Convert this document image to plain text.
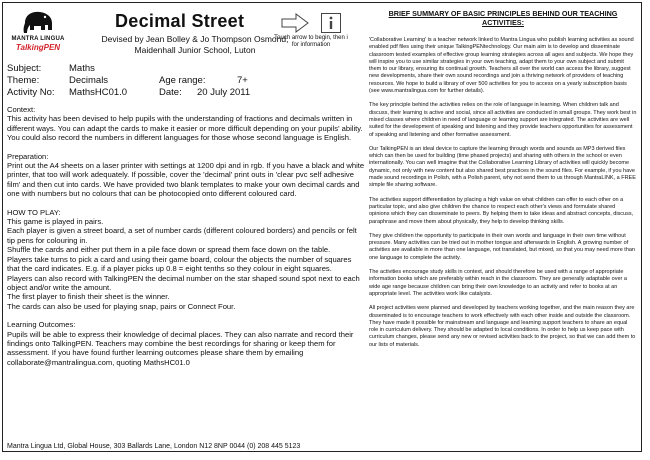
MANTRA LINGUA
TalkingPEN
Decimal Street
Devised by Jean Bolley & Jo Thompson Osmond,
Maidenhall Junior School, Luton
Touch arrow to begin, then i for information
Subject:	Maths
Theme:	Decimals	Age range:	7+
Activity No: MathsHC01.0	Date: 20 July 2011
Context:

This activity has been devised to help pupils with the understanding of fractions and decimals written in different ways. You can adapt the cards to make it easier or more difficult depending on your pupils' ability. You could also record the numbers in different languages for those whose second language is English.

Preparation:

Print out the A4 sheets on a laser printer with settings at 1200 dpi and in rgb. If you have a black and white printer, that too will work adequately. If possible, cover the 'decimal' print outs in 'clear pvc self adhesive film' and then cut into cards. We have provided two blank templates to make your own decimal cards and one with numbers but no colours that can be photocopied onto different coloured card.

HOW TO PLAY:

This game is played in pairs.

Each player is given a street board, a set of number cards (different coloured borders) and pencils or felt tip pens for colouring in.

Shuffle the cards and either put them in a pile face down or spread them face down on the table.

Players take turns to pick a card and using their game board, colour the objects the number of squares that the card indicates. E.g. if a player picks up 0.8 = eight tenths so they colour in eight squares.

Players can also record with TalkingPEN the decimal number on the star shaped sound spot next to each object and/or write the amount.

The first player to finish their sheet is the winner.

The cards can also be used for playing snap, pairs or Connect Four.

Learning Outcomes:

Pupils will be able to express their knowledge of decimal places. They can also narrate and record their findings onto TalkingPEN. Teachers may combine the best recordings for sharing or keep them for assessment. If you have found further learning outcomes please share them by emailing collaborate@mantralingua.com, quoting MathsHC01.0

Mantra Lingua Ltd, Global House, 303 Ballards Lane, London N12 8NP 0044 (0) 208 445 5123
BRIEF SUMMARY OF BASIC PRINCIPLES BEHIND OUR TEACHING ACTIVITIES:

'Collaborative Learning' is a teacher network linked to Mantra Lingua who publish learning activities as sound enabled pdf files using their unique TalkingPENtechnology. Our main aim is to develop and disseminate classroom tested examples of effective group learning strategies across all ages and subjects. We hope they will inspire you to use similar strategies in your own teaching, adapt them to your own subject and submit them to our library, ensuring its continual growth. Teachers all over the world can access the library, suggest new developments, share their own sound recordings and join a thriving network of providers of teaching resources. We hope to build a library of over 500 activities for you to access on a yearly subscription basis (see www.mantralingua.com for further details).

The key principle behind the activities relies on the role of language in learning. When children talk and discuss, their learning is active and social, since all activities are conducted in small groups. They work best in mixed classes where children in need of language or learning support are integrated. The activities are well suited for the development of speaking and listening and they provide teachers opportunities for assessment of speaking and listening and other formative assessment.

Our TalkingPEN is an ideal device to capture the learning through words and sounds as MP3 derived files which can then be used for building (time phased projects) and sharing with others in the school or even internationally. You can well imagine that the Collaborative Learning Library of activities will quickly become dynamic, not only with new content but also shared best practices in the sound files. For example, if you have made sound recordings in Polish, with a Polish parent, why not send them to us through MantraLINK, a FREE simple file sharing software.

The activities support differentiation by placing a high value on what children can offer to each other on a particular topic, and also give children the chance to respect each other's views and formulate shared opinions which they can disseminate to peers. By helping them to take ideas and abstract concepts, discuss, paraphrase and move them about physically, they help to develop thinking skills.

They give children the opportunity to participate in their own words and language in their own time without pressure. Many activities can be tried out in mother tongue and afterwards in English. A growing number of activities are available in more than one language, not translated, but mixed, so that you may need more than one language to complete the activity.

The activities encourage study skills in context, and should therefore be used with a range of appropriate information books which are preferably within reach in the classroom. They are generally adaptable over a wide age range because children can bring their own knowledge to an activity and refer to books at an appropriate level. The activities work like catalysts.

All project activities were planned and developed by teachers working together, and the main reason they are disseminated is to encourage teachers to work effectively with each other inside and outside the classroom. They have made it possible for mainstream and language and learning support teachers to share an equal role in curriculum delivery. They should be adapted to local conditions. In order to help us keep pace with curriculum changes, please send any new or revised activities back to the project, so that we can add them to our lists of materials.
